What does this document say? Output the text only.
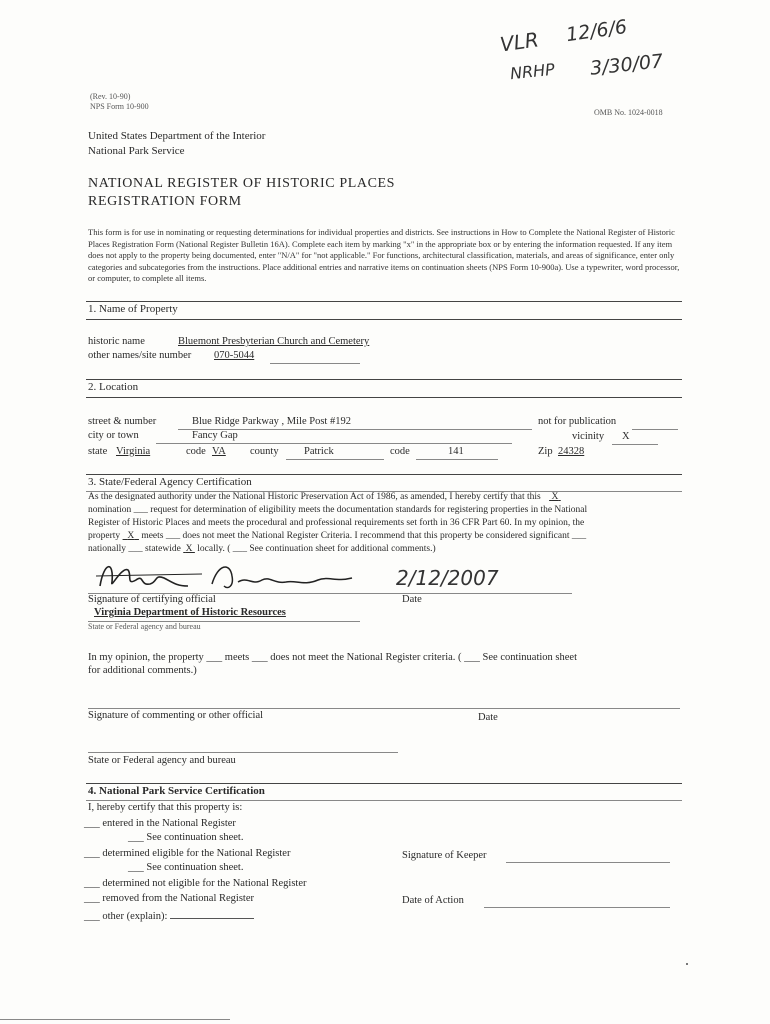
VLR 12/6/6
NRHP 3/30/07
(Rev. 10-90)
NPS Form 10-900
OMB No. 1024-0018
United States Department of the Interior
National Park Service
NATIONAL REGISTER OF HISTORIC PLACES
REGISTRATION FORM
This form is for use in nominating or requesting determinations for individual properties and districts. See instructions in How to Complete the National Register of Historic Places Registration Form (National Register Bulletin 16A). Complete each item by marking "x" in the appropriate box or by entering the information requested. If any item does not apply to the property being documented, enter "N/A" for "not applicable." For functions, architectural classification, materials, and areas of significance, enter only categories and subcategories from the instructions. Place additional entries and narrative items on continuation sheets (NPS Form 10-900a). Use a typewriter, word processor, or computer, to complete all items.
1. Name of Property
historic name	Bluemont Presbyterian Church and Cemetery
other names/site number 070-5044
2. Location
street & number	Blue Ridge Parkway , Mile Post #192	not for publication
city or town	Fancy Gap	vicinity X
state Virginia	code VA county Patrick	code	141	Zip 24328
3. State/Federal Agency Certification
As the designated authority under the National Historic Preservation Act of 1986, as amended, I hereby certify that this X
nomination ___ request for determination of eligibility meets the documentation standards for registering properties in the National
Register of Historic Places and meets the procedural and professional requirements set forth in 36 CFR Part 60. In my opinion, the
property X meets ___ does not meet the National Register Criteria. I recommend that this property be considered significant ___
nationally ___ statewide X locally. ( ___ See continuation sheet for additional comments.)
2/12/2007
Signature of certifying official	Date
Virginia Department of Historic Resources
State or Federal agency and bureau
In my opinion, the property ___ meets ___ does not meet the National Register criteria. ( ___ See continuation sheet
for additional comments.)
Signature of commenting or other official	Date
State or Federal agency and bureau
4. National Park Service Certification
I, hereby certify that this property is:
___ entered in the National Register
___ See continuation sheet.
___ determined eligible for the National Register
___ See continuation sheet.
___ determined not eligible for the National Register
___ removed from the National Register
___ other (explain):
Signature of Keeper
Date of Action
